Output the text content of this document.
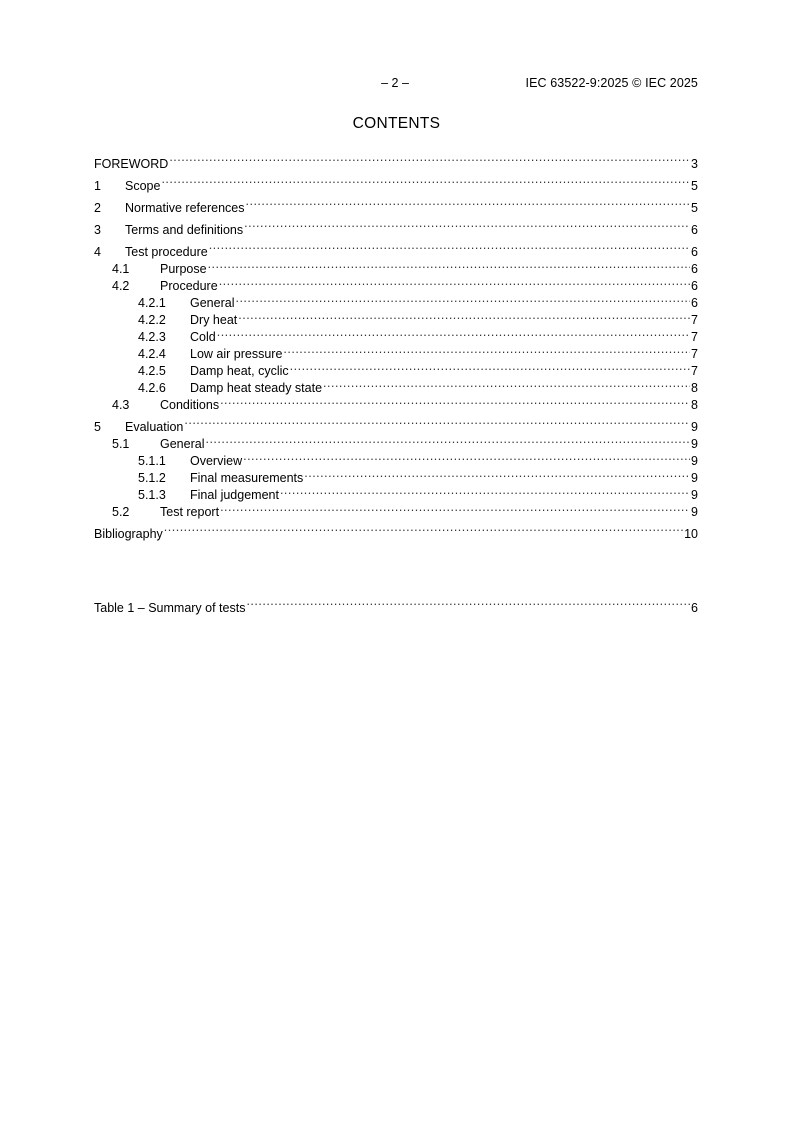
– 2 –	IEC 63522-9:2025 © IEC 2025
CONTENTS
FOREWORD .....	3
1	Scope .....	5
2	Normative references .....	5
3	Terms and definitions .....	6
4	Test procedure .....	6
4.1	Purpose .....	6
4.2	Procedure .....	6
4.2.1	General .....	6
4.2.2	Dry heat .....	7
4.2.3	Cold .....	7
4.2.4	Low air pressure .....	7
4.2.5	Damp heat, cyclic .....	7
4.2.6	Damp heat steady state .....	8
4.3	Conditions .....	8
5	Evaluation .....	9
5.1	General .....	9
5.1.1	Overview .....	9
5.1.2	Final measurements .....	9
5.1.3	Final judgement .....	9
5.2	Test report .....	9
Bibliography .....	10
Table 1 – Summary of tests .....	6
